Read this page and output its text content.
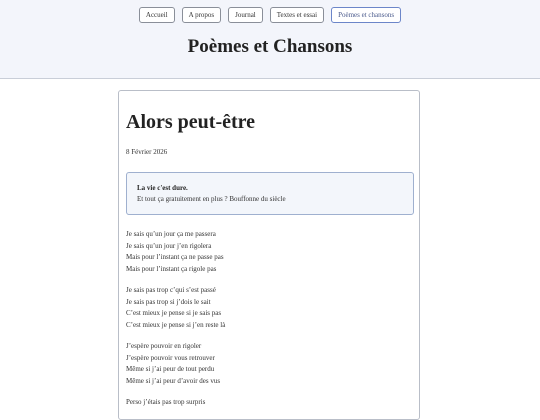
Accueil	A propos	Journal	Textes et essai	Poèmes et chansons
Poèmes et Chansons
Alors peut-être
8 Février 2026
La vie c'est dure.
Et tout ça gratuitement en plus ? Bouffonne du siècle
Je sais qu’un jour ça me passera
Je sais qu’un jour j’en rigolera
Mais pour l’instant ça ne passe pas
Mais pour l’instant ça rigole pas
Je sais pas trop c’qui s’est passé
Je sais pas trop si j’dois le sait
C’est mieux je pense si je sais pas
C’est mieux je pense si j’en reste là
J’espère pouvoir en rigoler
J’espère pouvoir vous retrouver
Même si j’ai peur de tout perdu
Même si j’ai peur d’avoir des vus
Perso j’étais pas trop surpris
